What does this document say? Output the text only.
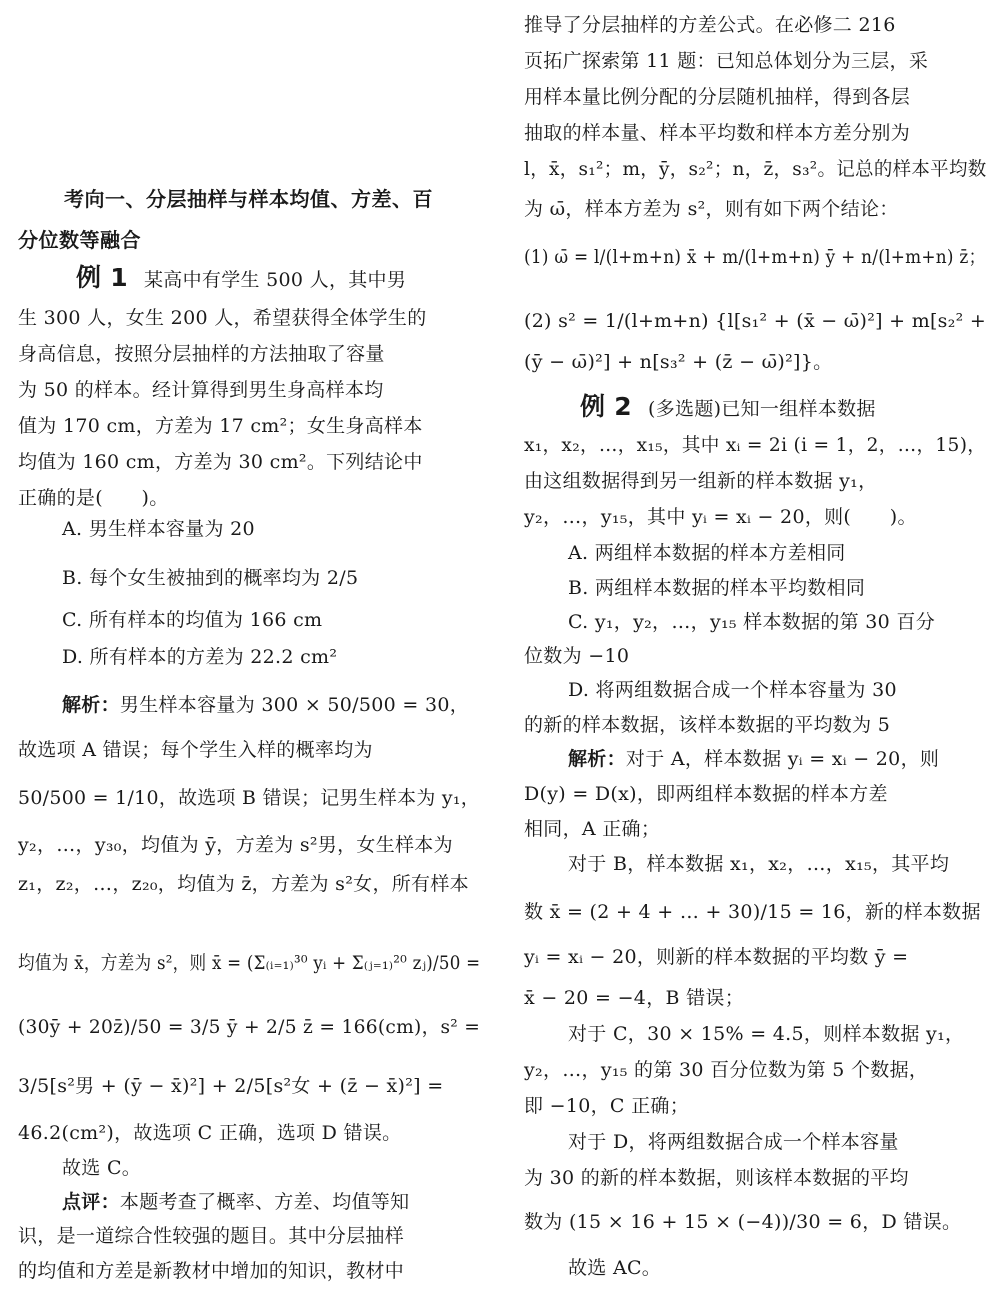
考向一、分层抽样与样本均值、方差、百
分位数等融合
例 1 某高中有学生 500 人，其中男
生 300 人，女生 200 人，希望获得全体学生的
身高信息，按照分层抽样的方法抽取了容量
为 50 的样本。经计算得到男生身高样本均
值为 170 cm，方差为 17 cm²；女生身高样本
均值为 160 cm，方差为 30 cm²。下列结论中
正确的是(　　)。
A. 男生样本容量为 20
B. 每个女生被抽到的概率均为 2/5
C. 所有样本的均值为 166 cm
D. 所有样本的方差为 22.2 cm²
解析：男生样本容量为 300 × 50/500 = 30，
故选项 A 错误；每个学生入样的概率均为
50/500 = 1/10，故选项 B 错误；记男生样本为 y₁，
y₂，…，y₃₀，均值为 ȳ，方差为 s²男，女生样本为
z₁，z₂，…，z₂₀，均值为 z̄，方差为 s²女，所有样本
均值为 x̄，方差为 s²，则 x̄ = (Σ₍ᵢ₌₁₎³⁰ yᵢ + Σ₍ⱼ₌₁₎²⁰ zⱼ)/50 =
(30ȳ + 20z̄)/50 = 3/5 ȳ + 2/5 z̄ = 166(cm)，s² =
3/5[s²男 + (ȳ − x̄)²] + 2/5[s²女 + (z̄ − x̄)²] =
46.2(cm²)，故选项 C 正确，选项 D 错误。
故选 C。
点评：本题考查了概率、方差、均值等知
识，是一道综合性较强的题目。其中分层抽样
的均值和方差是新教材中增加的知识，教材中
推导了分层抽样的方差公式。在必修二 216
页拓广探索第 11 题：已知总体划分为三层，采
用样本量比例分配的分层随机抽样，得到各层
抽取的样本量、样本平均数和样本方差分别为
l，x̄，s₁²；m，ȳ，s₂²；n，z̄，s₃²。记总的样本平均数
为 ω̄，样本方差为 s²，则有如下两个结论：
(1) ω̄ = l/(l+m+n) x̄ + m/(l+m+n) ȳ + n/(l+m+n) z̄；
(2) s² = 1/(l+m+n) {l[s₁² + (x̄ − ω̄)²] + m[s₂² +
(ȳ − ω̄)²] + n[s₃² + (z̄ − ω̄)²]}。
例 2 (多选题)已知一组样本数据
x₁，x₂，…，x₁₅，其中 xᵢ = 2i (i = 1，2，…，15)，
由这组数据得到另一组新的样本数据 y₁，
y₂，…，y₁₅，其中 yᵢ = xᵢ − 20，则(　　)。
A. 两组样本数据的样本方差相同
B. 两组样本数据的样本平均数相同
C. y₁，y₂，…，y₁₅ 样本数据的第 30 百分
位数为 −10
D. 将两组数据合成一个样本容量为 30
的新的样本数据，该样本数据的平均数为 5
解析：对于 A，样本数据 yᵢ = xᵢ − 20，则
D(y) = D(x)，即两组样本数据的样本方差
相同，A 正确；
对于 B，样本数据 x₁，x₂，…，x₁₅，其平均
数 x̄ = (2 + 4 + … + 30)/15 = 16，新的样本数据
yᵢ = xᵢ − 20，则新的样本数据的平均数 ȳ =
x̄ − 20 = −4，B 错误；
对于 C，30 × 15% = 4.5，则样本数据 y₁，
y₂，…，y₁₅ 的第 30 百分位数为第 5 个数据，
即 −10，C 正确；
对于 D，将两组数据合成一个样本容量
为 30 的新的样本数据，则该样本数据的平均
数为 (15 × 16 + 15 × (−4))/30 = 6，D 错误。
故选 AC。
